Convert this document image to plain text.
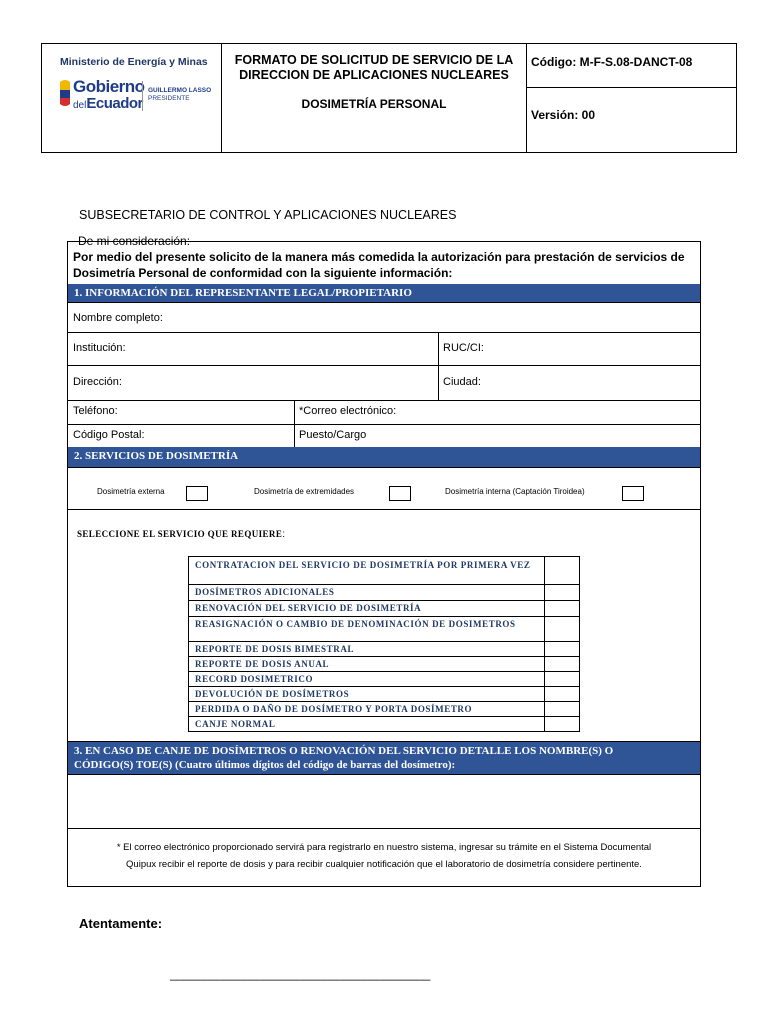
Ministerio de Energía y Minas
Gobierno
delEcuador
GUILLERMO LASSO
PRESIDENTE
FORMATO DE SOLICITUD DE SERVICIO DE LA
DIRECCION DE APLICACIONES NUCLEARES
DOSIMETRÍA PERSONAL
Código: M-F-S.08-DANCT-08
Versión: 00
SUBSECRETARIO DE CONTROL Y APLICACIONES NUCLEARES
De mi consideración:
Por medio del presente solicito de la manera más comedida la autorización para prestación de servicios de
Dosimetría Personal de conformidad con la siguiente información:
1. INFORMACIÓN DEL REPRESENTANTE LEGAL/PROPIETARIO
Nombre completo:
Institución:	RUC/CI:
Dirección:	Ciudad:
Teléfono:	*Correo electrónico:
Código Postal:	Puesto/Cargo
2. SERVICIOS DE DOSIMETRÍA
Dosimetría externa	Dosimetría de extremidades	Dosimetría interna (Captación Tiroidea)
SELECCIONE EL SERVICIO QUE REQUIERE:
CONTRATACION DEL SERVICIO DE DOSIMETRÍA POR PRIMERA VEZ	
DOSÍMETROS ADICIONALES	
RENOVACIÓN DEL SERVICIO DE DOSIMETRÍA	
REASIGNACIÓN O CAMBIO DE DENOMINACIÓN DE DOSIMETROS	
REPORTE DE DOSIS BIMESTRAL	
REPORTE DE DOSIS ANUAL	
RECORD DOSIMETRICO	
DEVOLUCIÓN DE DOSÍMETROS	
PERDIDA O DAÑO DE DOSÍMETRO Y PORTA DOSÍMETRO	
CANJE NORMAL	
3. EN CASO DE CANJE DE DOSÍMETROS O RENOVACIÓN DEL SERVICIO DETALLE LOS NOMBRE(S) O
CÓDIGO(S) TOE(S) (Cuatro últimos dígitos del código de barras del dosímetro):
* El correo electrónico proporcionado servirá para registrarlo en nuestro sistema, ingresar su trámite en el Sistema Documental
Quipux recibir el reporte de dosis y para recibir cualquier notificación que el laboratorio de dosimetría considere pertinente.
Atentamente:
_______________________________________
